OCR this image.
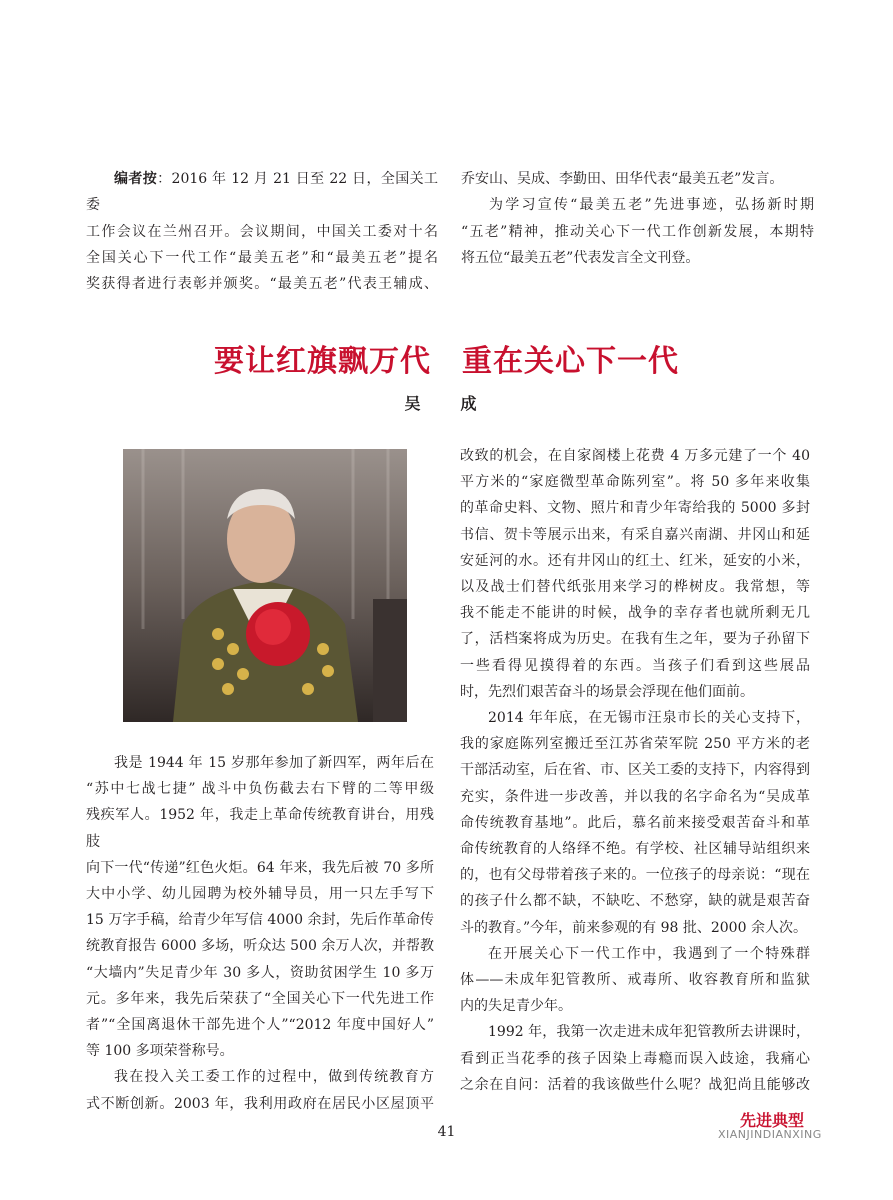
编者按：2016 年 12 月 21 日至 22 日，全国关工委

工作会议在兰州召开。会议期间，中国关工委对十名

全国关心下一代工作“最美五老”和“最美五老”提名

奖获得者进行表彰并颁奖。“最美五老”代表王辅成、

乔安山、吴成、李勤田、田华代表“最美五老”发言。

为学习宣传“最美五老”先进事迹，弘扬新时期

“五老”精神，推动关心下一代工作创新发展，本期特

将五位“最美五老”代表发言全文刊登。

要让红旗飘万代　重在关心下一代
吴　成

我是 1944 年 15 岁那年参加了新四军，两年后在

“苏中七战七捷” 战斗中负伤截去右下臂的二等甲级

残疾军人。1952 年，我走上革命传统教育讲台，用残肢

向下一代“传递”红色火炬。64 年来，我先后被 70 多所

大中小学、幼儿园聘为校外辅导员，用一只左手写下

15 万字手稿，给青少年写信 4000 余封，先后作革命传

统教育报告 6000 多场，听众达 500 余万人次，并帮教

“大墙内”失足青少年 30 多人，资助贫困学生 10 多万

元。多年来，我先后荣获了“全国关心下一代先进工作

者”“全国离退休干部先进个人”“2012 年度中国好人”

等 100 多项荣誉称号。

我在投入关工委工作的过程中，做到传统教育方

式不断创新。2003 年，我利用政府在居民小区屋顶平

改致的机会，在自家阁楼上花费 4 万多元建了一个 40

平方米的“家庭微型革命陈列室”。将 50 多年来收集

的革命史料、文物、照片和青少年寄给我的 5000 多封

书信、贺卡等展示出来，有采自嘉兴南湖、井冈山和延

安延河的水。还有井冈山的红土、红米，延安的小米，

以及战士们替代纸张用来学习的桦树皮。我常想，等

我不能走不能讲的时候，战争的幸存者也就所剩无几

了，活档案将成为历史。在我有生之年，要为子孙留下

一些看得见摸得着的东西。当孩子们看到这些展品

时，先烈们艰苦奋斗的场景会浮现在他们面前。

2014 年年底，在无锡市汪泉市长的关心支持下，

我的家庭陈列室搬迁至江苏省荣军院 250 平方米的老

干部活动室，后在省、市、区关工委的支持下，内容得到

充实，条件进一步改善，并以我的名字命名为“吴成革

命传统教育基地”。此后，慕名前来接受艰苦奋斗和革

命传统教育的人络绎不绝。有学校、社区辅导站组织来

的，也有父母带着孩子来的。一位孩子的母亲说：“现在

的孩子什么都不缺，不缺吃、不愁穿，缺的就是艰苦奋

斗的教育。”今年，前来参观的有 98 批、2000 余人次。

在开展关心下一代工作中，我遇到了一个特殊群

体——未成年犯管教所、戒毒所、收容教育所和监狱

内的失足青少年。

1992 年，我第一次走进未成年犯管教所去讲课时，

看到正当花季的孩子因染上毒瘾而误入歧途，我痛心

之余在自问：活着的我该做些什么呢？战犯尚且能够改

41
先进典型
XIANJINDIANXING
